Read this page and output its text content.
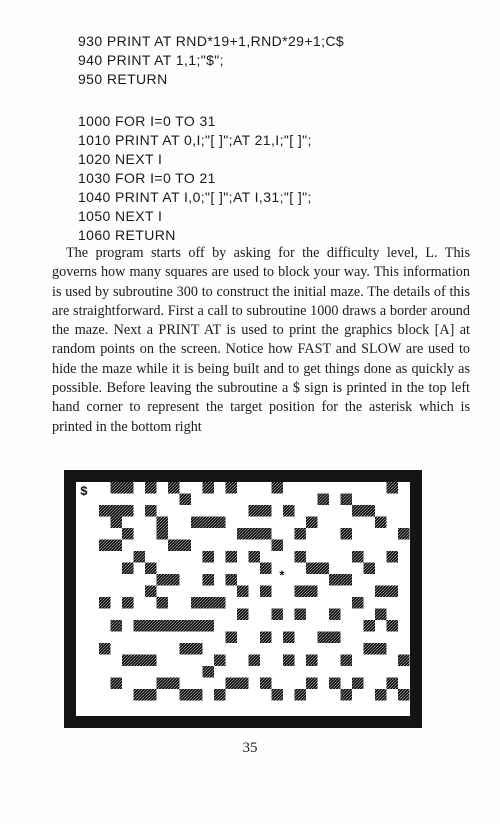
930 PRINT AT RND*19+1,RND*29+1;C$
940 PRINT AT 1,1;"$";
950 RETURN
1000 FOR I=0 TO 31
1010 PRINT AT 0,I;"[ ]";AT 21,I;"[ ]";
1020 NEXT I
1030 FOR I=0 TO 21
1040 PRINT AT I,0;"[ ]";AT I,31;"[ ]";
1050 NEXT I
1060 RETURN

The program starts off by asking for the difficulty level, L. This governs how many squares are used to block your way. This information is used by subroutine 300 to construct the initial maze. The details of this are straightforward. First a call to subroutine 1000 draws a border around the maze. Next a PRINT AT is used to print the graphics block [A] at random points on the screen. Notice how FAST and SLOW are used to hide the maze while it is being built and to get things done as quickly as possible. Before leaving the subroutine a $ sign is printed in the top left hand corner to represent the target position for the asterisk which is printed in the bottom right

$
*
35
